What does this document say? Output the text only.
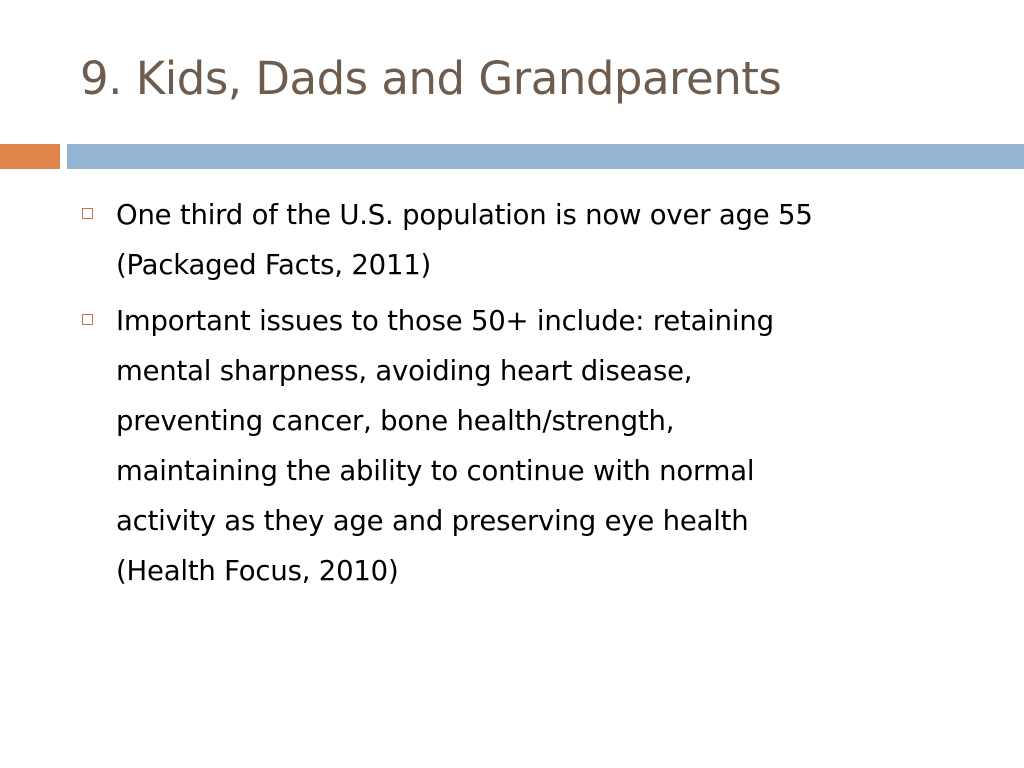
9. Kids, Dads and Grandparents
One third of the U.S. population is now over age 55
(Packaged Facts, 2011)
Important issues to those 50+ include: retaining
mental sharpness, avoiding heart disease,
preventing cancer, bone health/strength,
maintaining the ability to continue with normal
activity as they age and preserving eye health
(Health Focus, 2010)
